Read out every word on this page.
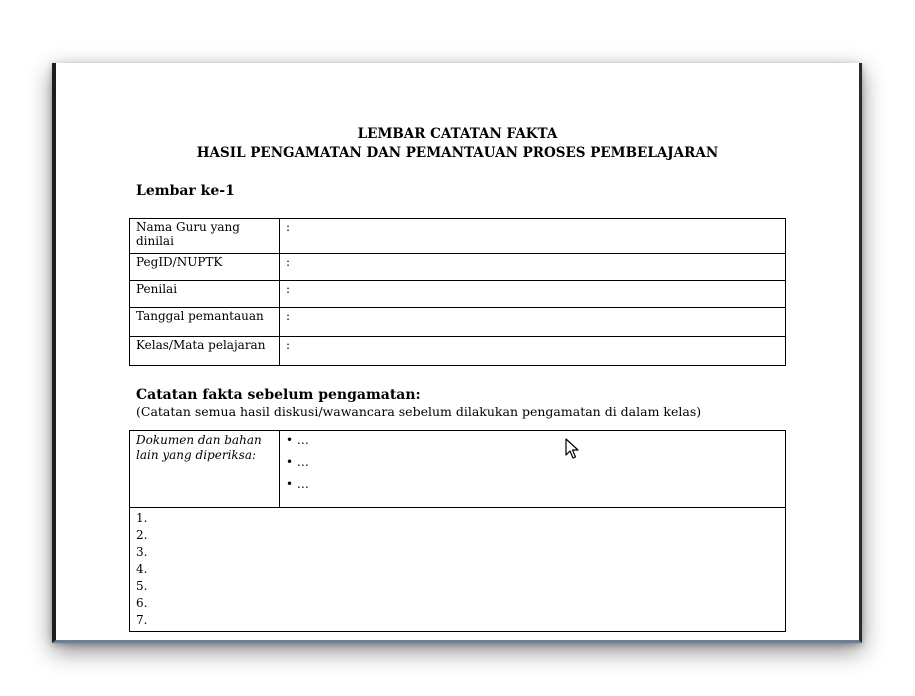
LEMBAR CATATAN FAKTA
HASIL PENGAMATAN DAN PEMANTAUAN PROSES PEMBELAJARAN
Lembar ke-1
Nama Guru yang dinilai	:
PegID/NUPTK	:
Penilai	:
Tanggal pemantauan	:
Kelas/Mata pelajaran	:
Catatan fakta sebelum pengamatan:
(Catatan semua hasil diskusi/wawancara sebelum dilakukan pengamatan di dalam kelas)
Dokumen dan bahan lain yang diperiksa:	
• …
• …
• …

1.
2.
3.
4.
5.
6.
7.
